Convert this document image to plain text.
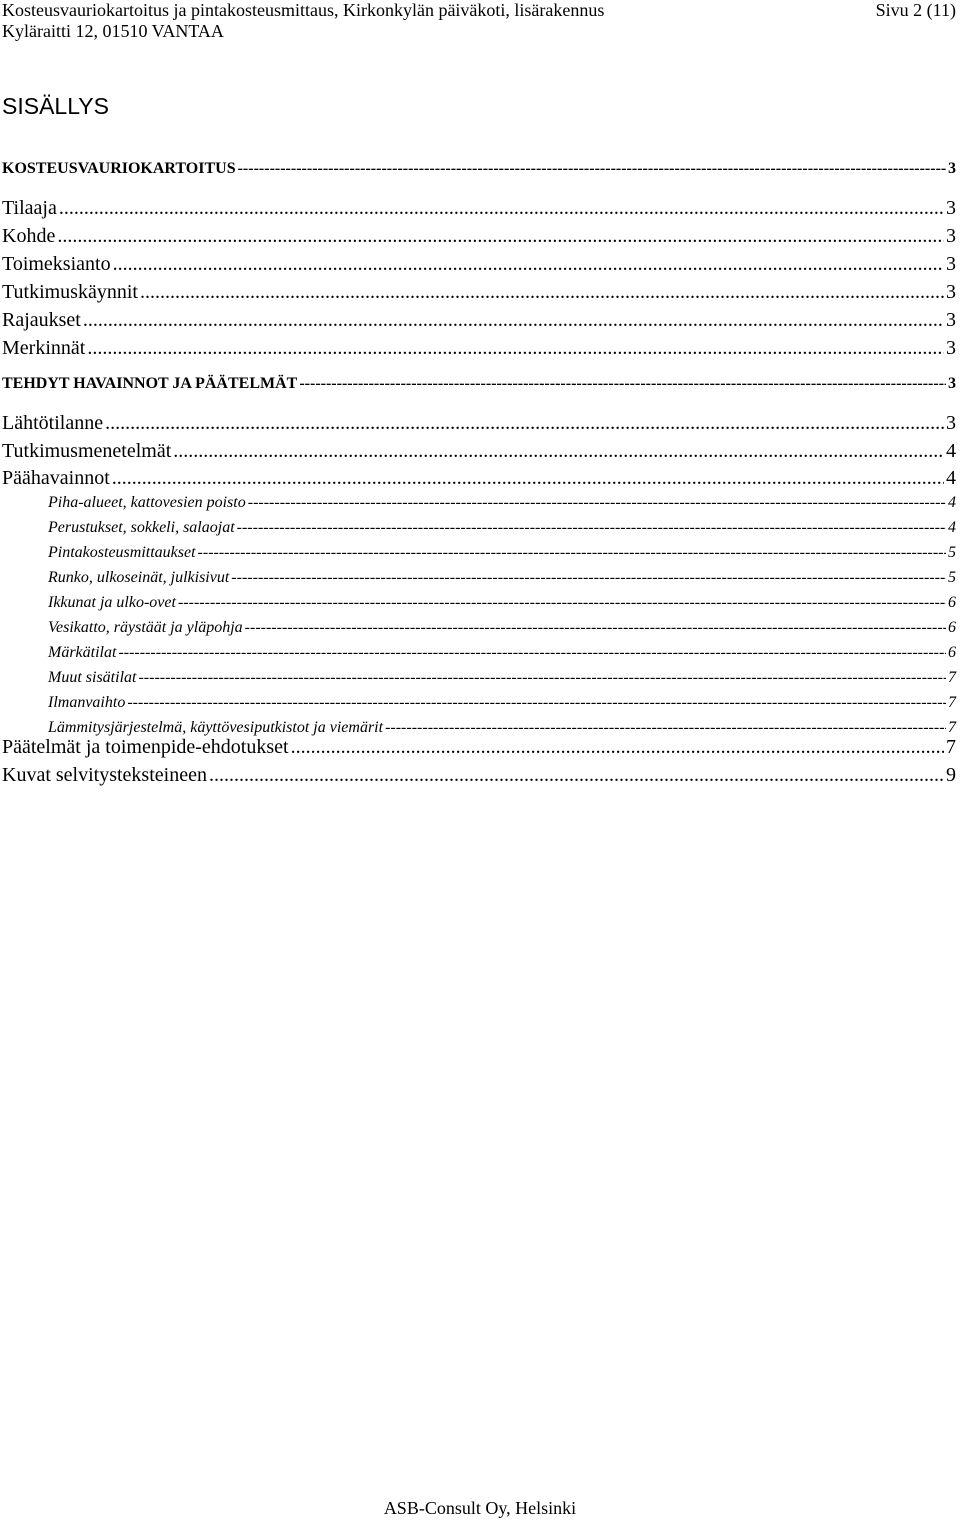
Kosteusvauriokartoitus ja pintakosteusmittaus, Kirkonkylän päiväkoti, lisärakennus	Sivu 2 (11)
Kyläraitti 12, 01510 VANTAA
SISÄLLYS
KOSTEUSVAURIOKARTOITUS -----	3
Tilaaja .....	3
Kohde .....	3
Toimeksianto .....	3
Tutkimuskäynnit .....	3
Rajaukset .....	3
Merkinnät .....	3
TEHDYT HAVAINNOT JA PÄÄTELMÄT -----	3
Lähtötilanne .....	3
Tutkimusmenetelmät .....	4
Päähavainnot .....	4
Piha-alueet, kattovesien poisto -----	4
Perustukset, sokkeli, salaojat -----	4
Pintakosteusmittaukset -----	5
Runko, ulkoseinät, julkisivut -----	5
Ikkunat ja ulko-ovet -----	6
Vesikatto, räystäät ja yläpohja -----	6
Märkätilat -----	6
Muut sisätilat -----	7
Ilmanvaihto -----	7
Lämmitysjärjestelmä, käyttövesiputkistot ja viemärit -----	7
Päätelmät ja toimenpide-ehdotukset .....	7
Kuvat selvitysteksteineen .....	9
ASB-Consult Oy, Helsinki
